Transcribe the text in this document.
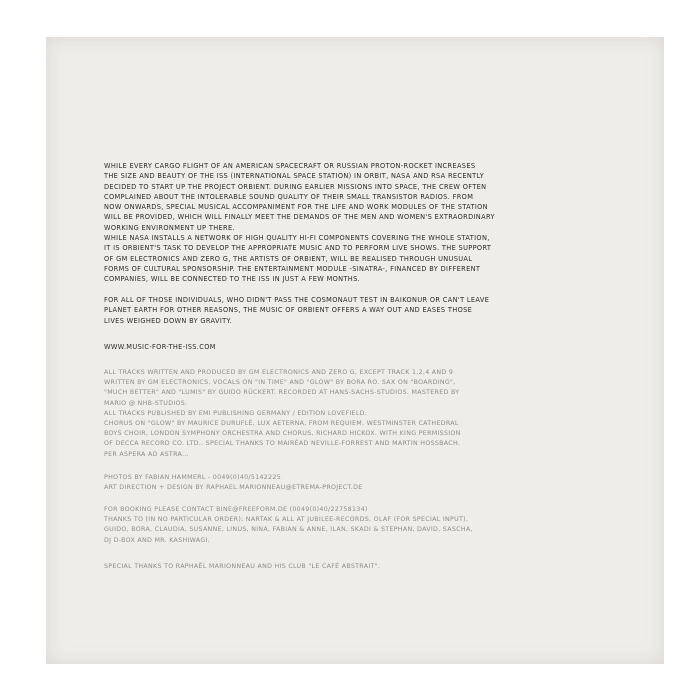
WHILE EVERY CARGO FLIGHT OF AN AMERICAN SPACECRAFT OR RUSSIAN PROTON-ROCKET INCREASES

THE SIZE AND BEAUTY OF THE ISS (INTERNATIONAL SPACE STATION) IN ORBIT, NASA AND RSA RECENTLY

DECIDED TO START UP THE PROJECT ORBIENT. DURING EARLIER MISSIONS INTO SPACE, THE CREW OFTEN

COMPLAINED ABOUT THE INTOLERABLE SOUND QUALITY OF THEIR SMALL TRANSISTOR RADIOS. FROM

NOW ONWARDS, SPECIAL MUSICAL ACCOMPANIMENT FOR THE LIFE AND WORK MODULES OF THE STATION

WILL BE PROVIDED, WHICH WILL FINALLY MEET THE DEMANDS OF THE MEN AND WOMEN'S EXTRAORDINARY

WORKING ENVIRONMENT UP THERE.

WHILE NASA INSTALLS A NETWORK OF HIGH QUALITY HI-FI COMPONENTS COVERING THE WHOLE STATION,

IT IS ORBIENT'S TASK TO DEVELOP THE APPROPRIATE MUSIC AND TO PERFORM LIVE SHOWS. THE SUPPORT

OF GM ELECTRONICS AND ZERO G, THE ARTISTS OF ORBIENT, WILL BE REALISED THROUGH UNUSUAL

FORMS OF CULTURAL SPONSORSHIP. THE ENTERTAINMENT MODULE -SINATRA-, FINANCED BY DIFFERENT

COMPANIES, WILL BE CONNECTED TO THE ISS IN JUST A FEW MONTHS.

FOR ALL OF THOSE INDIVIDUALS, WHO DIDN'T PASS THE COSMONAUT TEST IN BAIKONUR OR CAN'T LEAVE

PLANET EARTH FOR OTHER REASONS, THE MUSIC OF ORBIENT OFFERS A WAY OUT AND EASES THOSE

LIVES WEIGHED DOWN BY GRAVITY.

WWW.MUSIC-FOR-THE-ISS.COM

ALL TRACKS WRITTEN AND PRODUCED BY GM ELECTRONICS AND ZERO G, EXCEPT TRACK 1,2,4 AND 9

WRITTEN BY GM ELECTRONICS. VOCALS ON "IN TIME" AND "GLOW" BY BORA RO. SAX ON "BOARDING",

"MUCH BETTER" AND "LUMIS" BY GUIDO RÜCKERT. RECORDED AT HANS-SACHS-STUDIOS. MASTERED BY

MARIO @ NHB-STUDIOS.

ALL TRACKS PUBLISHED BY EMI PUBLISHING GERMANY / EDITION LOVEFIELD.

CHORUS ON "GLOW" BY MAURICE DURUFLÉ, LUX AETERNA, FROM REQUIEM. WESTMINSTER CATHEDRAL

BOYS CHOIR, LONDON SYMPHONY ORCHESTRA AND CHORUS, RICHARD HICKOX. WITH KING PERMISSION

OF DECCA RECORD CO. LTD.. SPECIAL THANKS TO MAIRÉAD NEVILLE-FORREST AND MARTIN HOSSBACH.

PER ASPERA AD ASTRA...

PHOTOS BY FABIAN HAMMERL - 0049(0)40/5142225

ART DIRECTION + DESIGN BY RAPHAEL.MARIONNEAU@ETREMA-PROJECT.DE

FOR BOOKING PLEASE CONTACT BINE@FREEFORM.DE (0049(0)40/22758134)

THANKS TO (IN NO PARTICULAR ORDER): NARTAK & ALL AT JUBILEE-RECORDS, OLAF (FOR SPECIAL INPUT),

GUIDO, BORA, CLAUDIA, SUSANNE, LINUS, NINA, FABIAN & ANNE, ILAN, SKADI & STEPHAN, DAVID, SASCHA,

DJ D-BOX AND MR. KASHIWAGI.

SPECIAL THANKS TO RAPHAËL MARIONNEAU AND HIS CLUB "LE CAFÉ ABSTRAIT".
